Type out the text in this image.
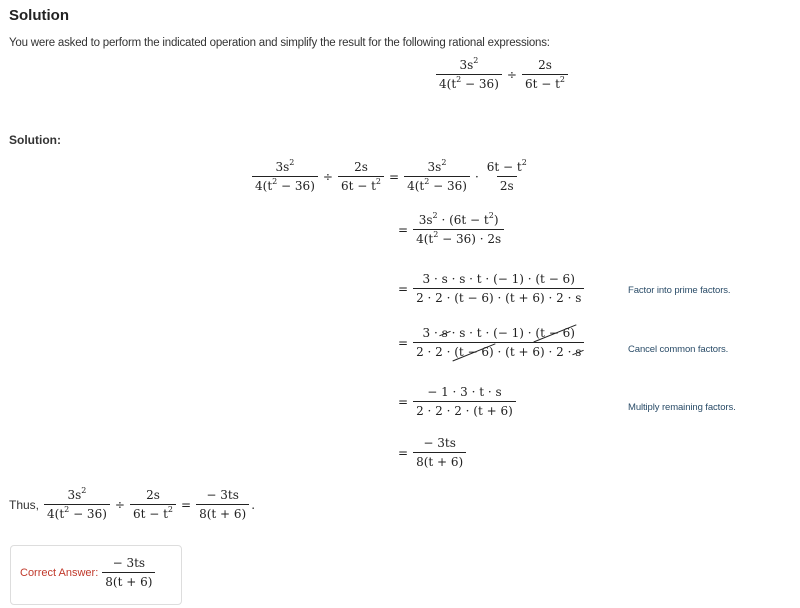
Solution
You were asked to perform the indicated operation and simplify the result for the following rational expressions:
$\frac{3s^2}{4(t^2 - 36)} \div \frac{2s}{6t - t^2}$
Solution:
$\frac{3s^2}{4(t^2 - 36)} \div \frac{2s}{6t - t^2} = \frac{3s^2}{4(t^2 - 36)} \cdot \frac{6t - t^2}{2s}$
= $\frac{3s^2 \cdot (6t - t^2)}{4(t^2 - 36) \cdot 2s}$
= $\frac{3 \cdot s \cdot s \cdot t \cdot (- 1) \cdot (t - 6)}{2 \cdot 2 \cdot (t - 6) \cdot (t + 6) \cdot 2 \cdot s}$	Factor into prime factors.
= $\frac{3 \cdot s \cdot s \cdot t \cdot (- 1) \cdot (t - 6)}{2 \cdot 2 \cdot (t - 6) \cdot (t + 6) \cdot 2 \cdot s}$	Cancel common factors.
= $\frac{- 1 \cdot 3 \cdot t \cdot s}{2 \cdot 2 \cdot 2 \cdot (t + 6)}$	Multiply remaining factors.
= $\frac{- 3ts}{8(t + 6)}$
Thus, $\frac{3s^2}{4(t^2 - 36)} \div \frac{2s}{6t - t^2} = \frac{- 3ts}{8(t + 6)}$ .
Correct Answer: $\frac{- 3ts}{8(t + 6)}$
